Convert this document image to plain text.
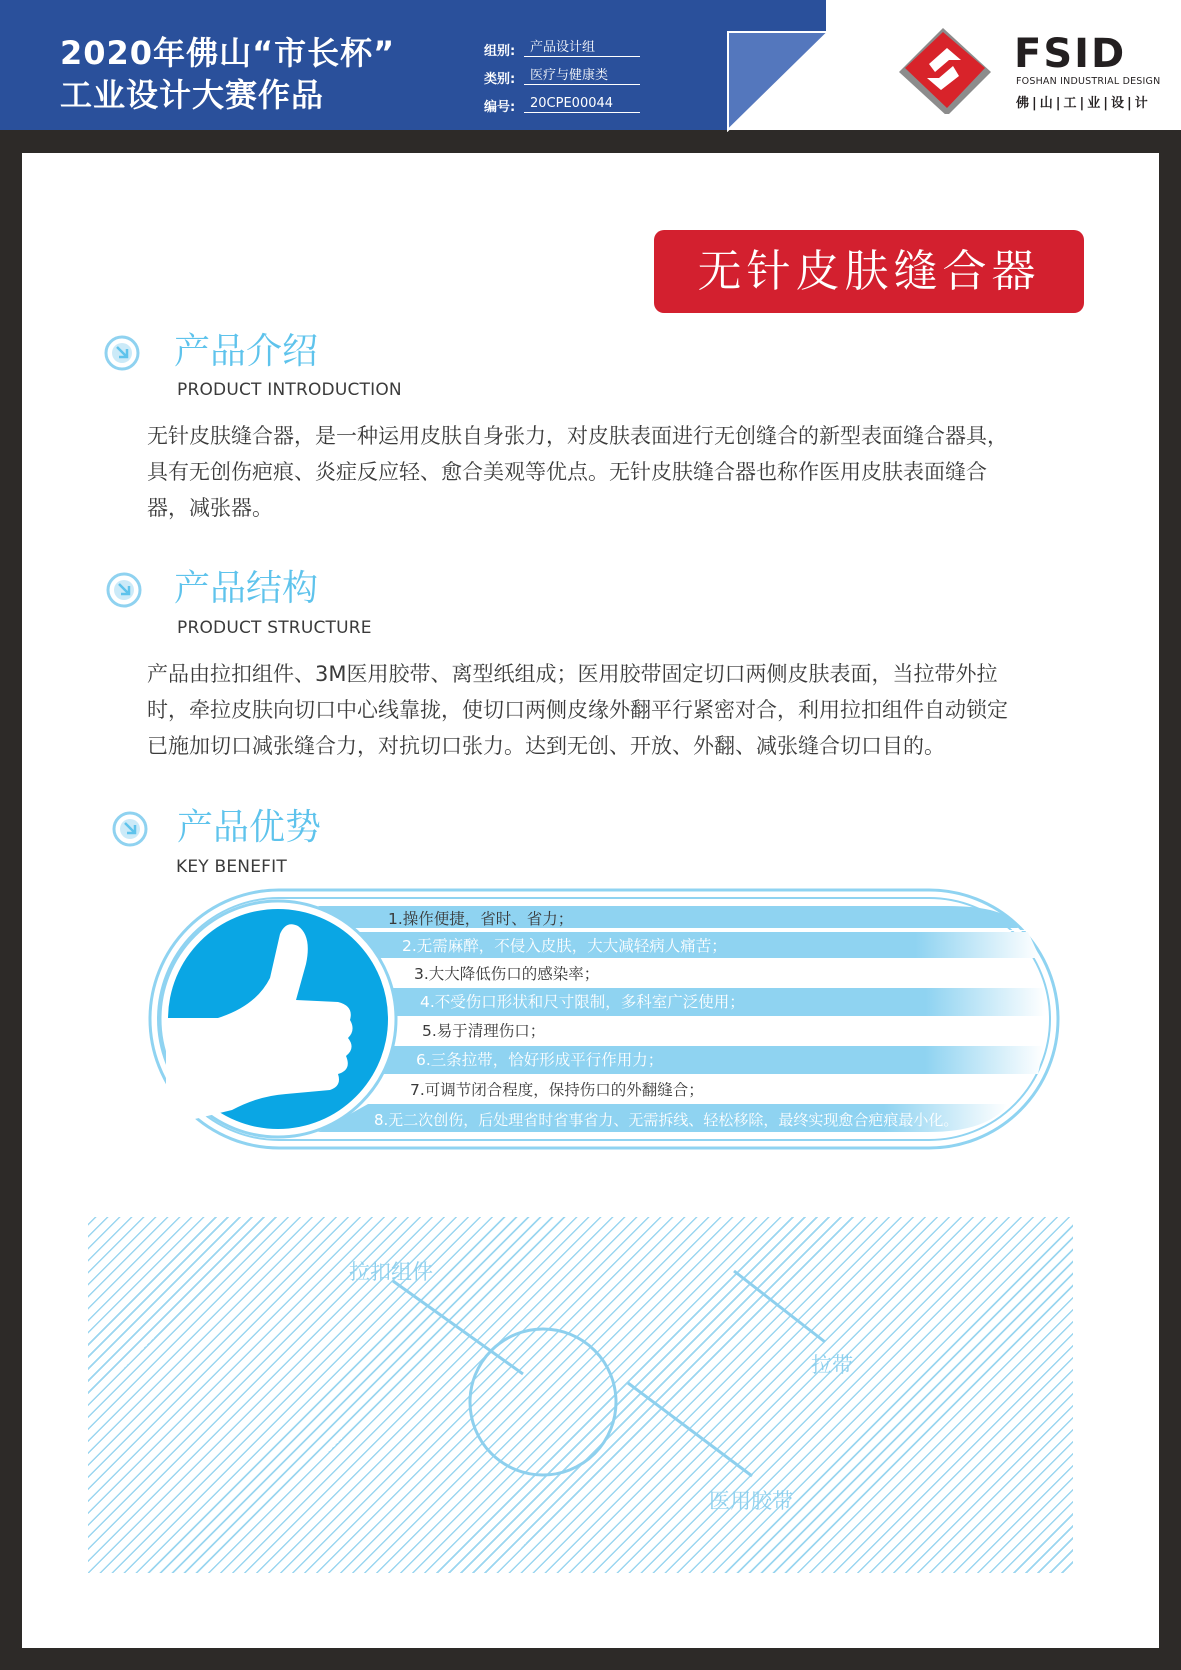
2020年佛山“市长杯”
工业设计大赛作品
组别:	产品设计组
类别:	医疗与健康类
编号:	20CPE00044
FSID
FOSHAN INDUSTRIAL DESIGN
佛|山|工|业|设|计
无针皮肤缝合器
产品介绍
PRODUCT INTRODUCTION
无针皮肤缝合器，是一种运用皮肤自身张力，对皮肤表面进行无创缝合的新型表面缝合器具，具有无创伤疤痕、炎症反应轻、愈合美观等优点。无针皮肤缝合器也称作医用皮肤表面缝合器，减张器。
产品结构
PRODUCT STRUCTURE
产品由拉扣组件、3M医用胶带、离型纸组成；医用胶带固定切口两侧皮肤表面，当拉带外拉时，牵拉皮肤向切口中心线靠拢，使切口两侧皮缘外翻平行紧密对合，利用拉扣组件自动锁定已施加切口减张缝合力，对抗切口张力。达到无创、开放、外翻、减张缝合切口目的。
产品优势
KEY BENEFIT
1.操作便捷，省时、省力；
2.无需麻醉，不侵入皮肤，大大减轻病人痛苦；
3.大大降低伤口的感染率；
4.不受伤口形状和尺寸限制，多科室广泛使用；
5.易于清理伤口；
6.三条拉带，恰好形成平行作用力；
7.可调节闭合程度，保持伤口的外翻缝合；
8.无二次创伤，后处理省时省事省力、无需拆线、轻松移除，最终实现愈合疤痕最小化。
拉扣组件
拉带
医用胶带
